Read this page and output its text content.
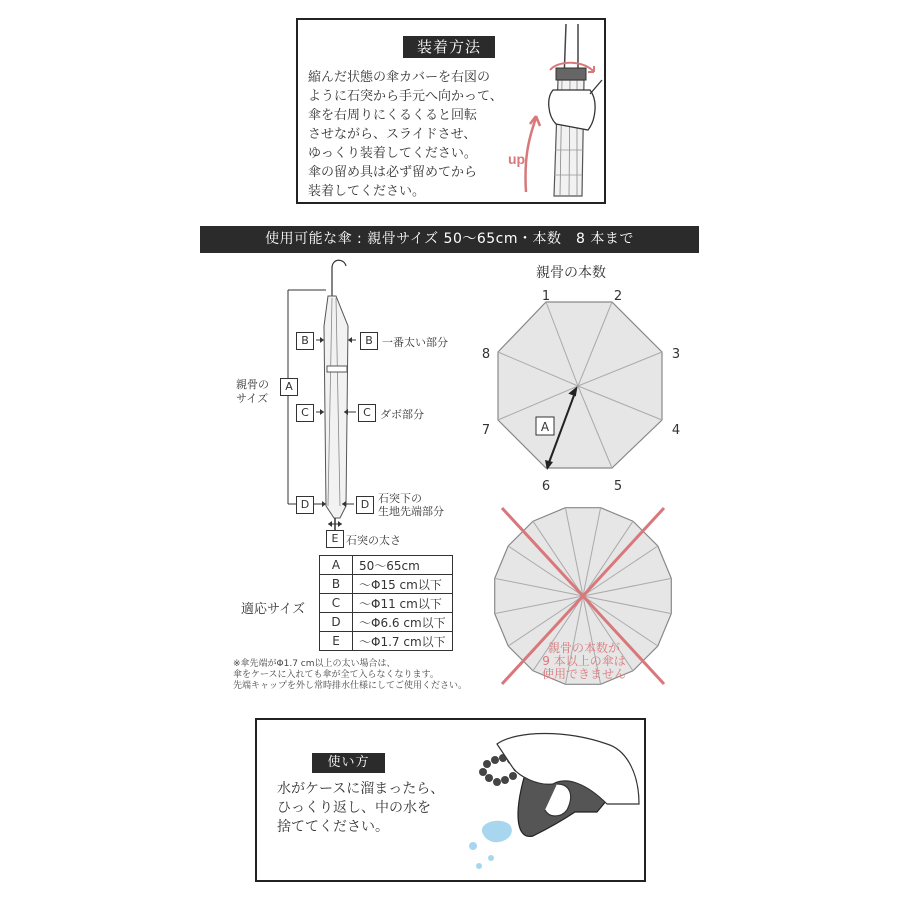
装着方法
縮んだ状態の傘カバーを右図の
ように石突から手元へ向かって、
傘を右周りにくるくると回転
させながら、スライドさせ、
ゆっくり装着してください。
傘の留め具は必ず留めてから
装着してください。
up
使用可能な傘 : 親骨サイズ 50〜65cm・本数　8 本まで
親骨の
サイズ
A
B	B 一番太い部分
C	C ダボ部分
D	D 石突下の
生地先端部分
E 石突の太さ
適応サイズ
A	50〜65cm
B	〜Φ15 cm以下
C	〜Φ11 cm以下
D	〜Φ6.6 cm以下
E	〜Φ1.7 cm以下
※傘先端がΦ1.7 cm以上の太い場合は、
傘をケースに入れても傘が全て入らなくなります。
先端キャップを外し常時排水仕様にしてご使用ください。
親骨の本数
A
1	2
3
4
5
6
7
8
親骨の本数が
9 本以上の傘は
使用できません
使い方
水がケースに溜まったら、
ひっくり返し、中の水を
捨ててください。
